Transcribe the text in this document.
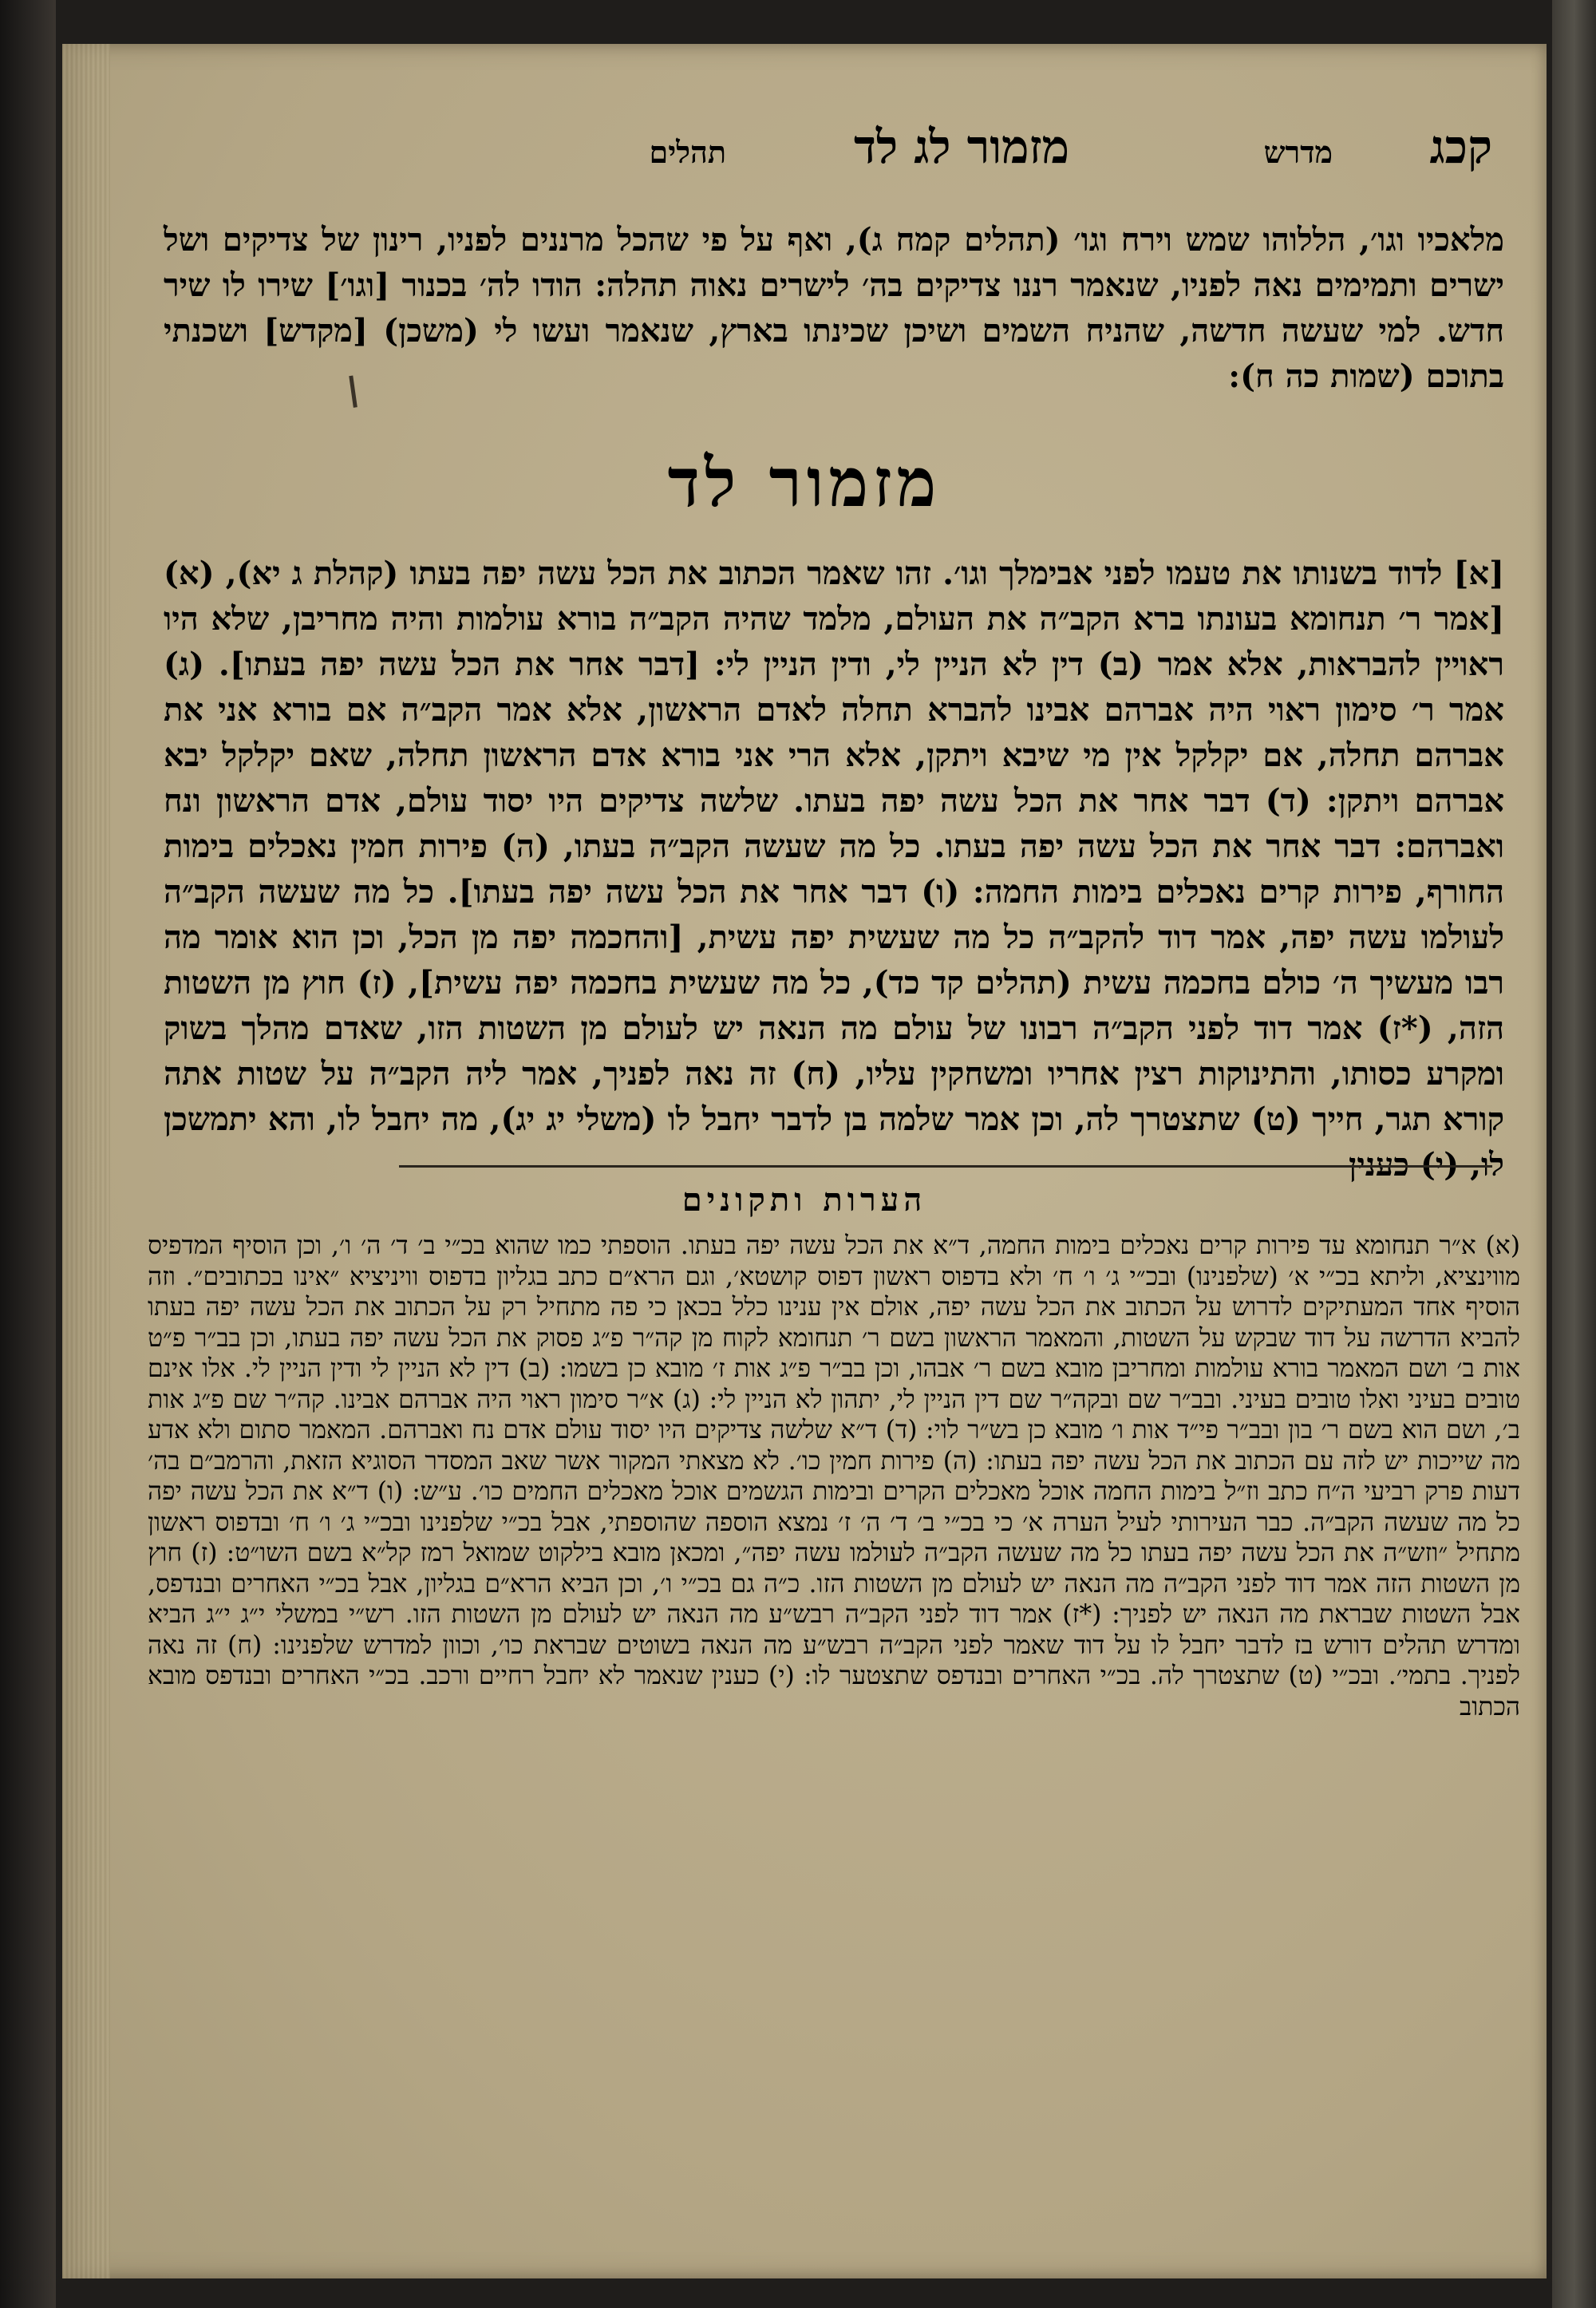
קכג
מדרש
מזמור לג לד
תהלים

מלאכיו וגו׳, הללוהו שמש וירח וגו׳ (תהלים קמח ג), ואף על פי שהכל מרננים לפניו, רינון של צדיקים ושל ישרים ותמימים נאה לפניו, שנאמר רננו צדיקים בה׳ לישרים נאוה תהלה: הודו לה׳ בכנור [וגו׳] שירו לו שיר חדש. למי שעשה חדשה, שהניח השמים ושיכן שכינתו בארץ, שנאמר ועשו לי (משכן) [מקדש] ושכנתי בתוכם (שמות כה ח):

מזמור לד

[א] לדוד בשנותו את טעמו לפני אבימלך וגו׳. זהו שאמר הכתוב את הכל עשה יפה בעתו (קהלת ג יא), (א) [אמר ר׳ תנחומא בעונתו ברא הקב״ה את העולם, מלמד שהיה הקב״ה בורא עולמות והיה מחריבן, שלא היו ראויין להבראות, אלא אמר (ב) דין לא הניין לי, ודין הניין לי: [דבר אחר את הכל עשה יפה בעתו]. (ג) אמר ר׳ סימון ראוי היה אברהם אבינו להברא תחלה לאדם הראשון, אלא אמר הקב״ה אם בורא אני את אברהם תחלה, אם יקלקל אין מי שיבא ויתקן, אלא הרי אני בורא אדם הראשון תחלה, שאם יקלקל יבא אברהם ויתקן: (ד) דבר אחר את הכל עשה יפה בעתו. שלשה צדיקים היו יסוד עולם, אדם הראשון ונח ואברהם: דבר אחר את הכל עשה יפה בעתו. כל מה שעשה הקב״ה בעתו, (ה) פירות חמין נאכלים בימות החורף, פירות קרים נאכלים בימות החמה: (ו) דבר אחר את הכל עשה יפה בעתו]. כל מה שעשה הקב״ה לעולמו עשה יפה, אמר דוד להקב״ה כל מה שעשית יפה עשית, [והחכמה יפה מן הכל, וכן הוא אומר מה רבו מעשיך ה׳ כולם בחכמה עשית (תהלים קד כד), כל מה שעשית בחכמה יפה עשית], (ז) חוץ מן השטות הזה, (*ז) אמר דוד לפני הקב״ה רבונו של עולם מה הנאה יש לעולם מן השטות הזו, שאדם מהלך בשוק ומקרע כסותו, והתינוקות רצין אחריו ומשחקין עליו, (ח) זה נאה לפניך, אמר ליה הקב״ה על שטות אתה קורא תגר, חייך (ט) שתצטרך לה, וכן אמר שלמה בן לדבר יחבל לו (משלי יג יג), מה יחבל לו, והא יתמשכן לו, (י) כענין

הערות ותקונים

(א) א״ר תנחומא עד פירות קרים נאכלים בימות החמה, ד״א את הכל עשה יפה בעתו. הוספתי כמו שהוא בכ״י ב׳ ד׳ ה׳ ו׳, וכן הוסיף המדפיס מווינציא, וליתא בכ״י א׳ (שלפנינו) ובכ״י ג׳ ו׳ ח׳ ולא בדפוס ראשון דפוס קושטא׳, וגם הרא״ם כתב בגליון בדפוס וויניציא ״אינו בכתובים״. וזה הוסיף אחד המעתיקים לדרוש על הכתוב את הכל עשה יפה, אולם אין ענינו כלל בכאן כי פה מתחיל רק על הכתוב את הכל עשה יפה בעתו להביא הדרשה על דוד שבקש על השטות, והמאמר הראשון בשם ר׳ תנחומא לקוח מן קה״ר פ״ג פסוק את הכל עשה יפה בעתו, וכן בב״ר פ״ט אות ב׳ ושם המאמר בורא עולמות ומחריבן מובא בשם ר׳ אבהו, וכן בב״ר פ״ג אות ז׳ מובא כן בשמו: (ב) דין לא הניין לי ודין הניין לי. אלו אינם טובים בעיני ואלו טובים בעיני. ובב״ר שם ובקה״ר שם דין הניין לי, יתהון לא הניין לי: (ג) א״ר סימון ראוי היה אברהם אבינו. קה״ר שם פ״ג אות ב׳, ושם הוא בשם ר׳ בון ובב״ר פי״ד אות ו׳ מובא כן בש״ר לוי: (ד) ד״א שלשה צדיקים היו יסוד עולם אדם נח ואברהם. המאמר סתום ולא אדע מה שייכות יש לזה עם הכתוב את הכל עשה יפה בעתו: (ה) פירות חמין כו׳. לא מצאתי המקור אשר שאב המסדר הסוגיא הזאת, והרמב״ם בה׳ דעות פרק רביעי ה״ח כתב וז״ל בימות החמה אוכל מאכלים הקרים ובימות הגשמים אוכל מאכלים החמים כו׳. ע״ש: (ו) ד״א את הכל עשה יפה כל מה שעשה הקב״ה. כבר העירותי לעיל הערה א׳ כי בכ״י ב׳ ד׳ ה׳ ז׳ נמצא הוספה שהוספתי, אבל בכ״י שלפנינו ובכ״י ג׳ ו׳ ח׳ ובדפוס ראשון מתחיל ״וזש״ה את הכל עשה יפה בעתו כל מה שעשה הקב״ה לעולמו עשה יפה״, ומכאן מובא בילקוט שמואל רמז קל״א בשם השו״ט: (ז) חוץ מן השטות הזה אמר דוד לפני הקב״ה מה הנאה יש לעולם מן השטות הזו. כ״ה גם בכ״י ו׳, וכן הביא הרא״ם בגליון, אבל בכ״י האחרים ובנדפס, אבל השטות שבראת מה הנאה יש לפניך: (*ז) אמר דוד לפני הקב״ה רבש״ע מה הנאה יש לעולם מן השטות הזו. רש״י במשלי י״ג י״ג הביא ומדרש תהלים דורש בז לדבר יחבל לו על דוד שאמר לפני הקב״ה רבש״ע מה הנאה בשוטים שבראת כו׳, וכוון למדרש שלפנינו: (ח) זה נאה לפניך. בתמי׳. ובכ״י (ט) שתצטרך לה. בכ״י האחרים ובנדפס שתצטער לו: (י) כענין שנאמר לא יחבל רחיים ורכב. בכ״י האחרים ובנדפס מובא הכתוב
